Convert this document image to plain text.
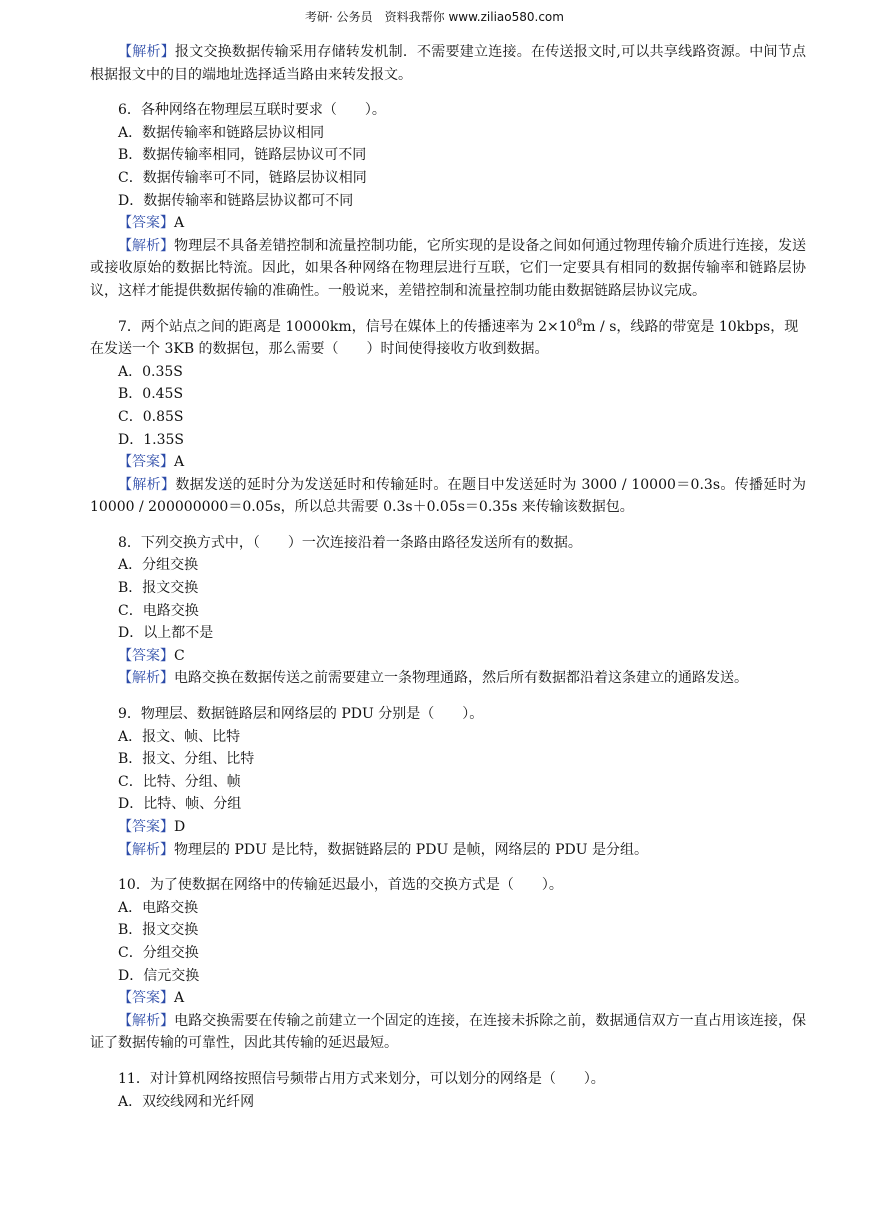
考研· 公务员　资料我帮你 www.ziliao580.com

【解析】报文交换数据传输采用存储转发机制．不需要建立连接。在传送报文时,可以共享线路资源。中间节点根据报文中的目的端地址选择适当路由来转发报文。

6．各种网络在物理层互联时要求（　　）。

A．数据传输率和链路层协议相同

B．数据传输率相同，链路层协议可不同

C．数据传输率可不同，链路层协议相同

D．数据传输率和链路层协议都可不同

【答案】A

【解析】物理层不具备差错控制和流量控制功能，它所实现的是设备之间如何通过物理传输介质进行连接，发送或接收原始的数据比特流。因此，如果各种网络在物理层进行互联，它们一定要具有相同的数据传输率和链路层协议，这样才能提供数据传输的准确性。一般说来，差错控制和流量控制功能由数据链路层协议完成。

7．两个站点之间的距离是 10000km，信号在媒体上的传播速率为 $2\times 10^8m / s$，线路的带宽是 10kbps，现在发送一个 3KB 的数据包，那么需要（　　）时间使得接收方收到数据。

A．0.35S

B．0.45S

C．0.85S

D．1.35S

【答案】A

【解析】数据发送的延时分为发送延时和传输延时。在题目中发送延时为 3000 / 10000＝0.3s。传播延时为 10000 / 200000000＝0.05s，所以总共需要 0.3s＋0.05s＝0.35s 来传输该数据包。

8．下列交换方式中，（　　）一次连接沿着一条路由路径发送所有的数据。

A．分组交换

B．报文交换

C．电路交换

D．以上都不是

【答案】C

【解析】电路交换在数据传送之前需要建立一条物理通路，然后所有数据都沿着这条建立的通路发送。

9．物理层、数据链路层和网络层的 PDU 分别是（　　）。

A．报文、帧、比特

B．报文、分组、比特

C．比特、分组、帧

D．比特、帧、分组

【答案】D

【解析】物理层的 PDU 是比特，数据链路层的 PDU 是帧，网络层的 PDU 是分组。

10．为了使数据在网络中的传输延迟最小，首选的交换方式是（　　）。

A．电路交换

B．报文交换

C．分组交换

D．信元交换

【答案】A

【解析】电路交换需要在传输之前建立一个固定的连接，在连接未拆除之前，数据通信双方一直占用该连接，保证了数据传输的可靠性，因此其传输的延迟最短。

11．对计算机网络按照信号频带占用方式来划分，可以划分的网络是（　　）。

A．双绞线网和光纤网
